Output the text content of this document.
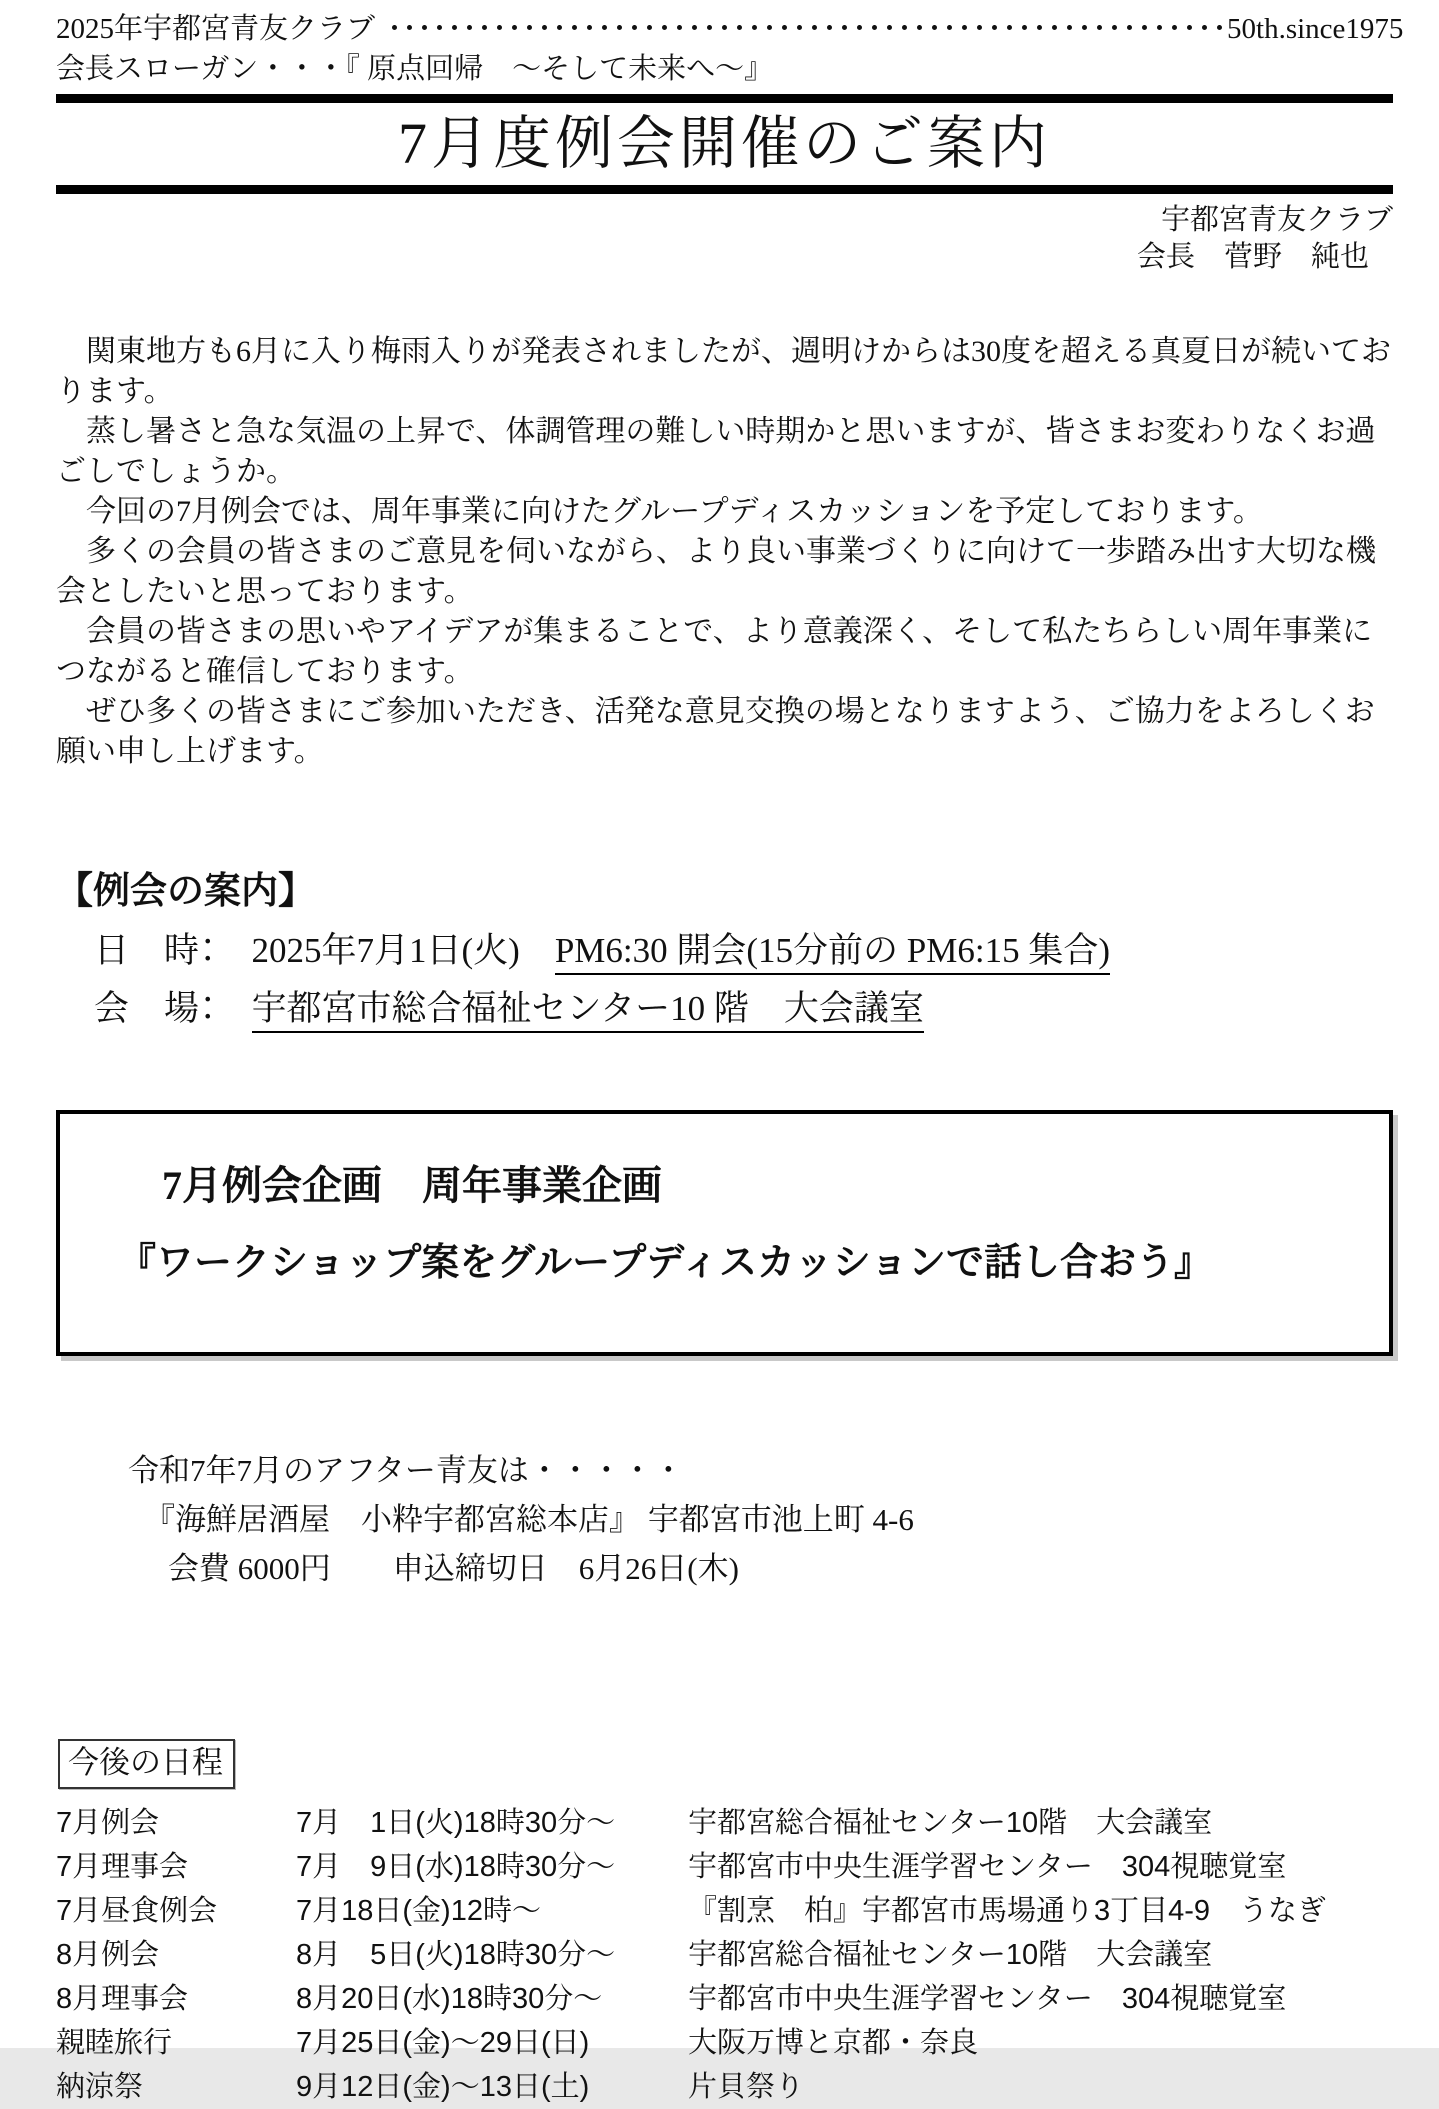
2025年宇都宮青友クラブ ・・・・・・・・・・・・・・・・・・・・・・・・・・・・・・・・・・・・・・・・・・・・・・・・・・・・・・・・ 50th.since1975
会長スローガン・・・『 原点回帰　～そして未来へ～』
7月度例会開催のご案内
宇都宮青友クラブ
会長　菅野　純也

関東地方も6月に入り梅雨入りが発表されましたが、週明けからは30度を超える真夏日が続いております。

蒸し暑さと急な気温の上昇で、体調管理の難しい時期かと思いますが、皆さまお変わりなくお過ごしでしょうか。

今回の7月例会では、周年事業に向けたグループディスカッションを予定しております。

多くの会員の皆さまのご意見を伺いながら、より良い事業づくりに向けて一歩踏み出す大切な機会としたいと思っております。

会員の皆さまの思いやアイデアが集まることで、より意義深く、そして私たちらしい周年事業につながると確信しております。

ぜひ多くの皆さまにご参加いただき、活発な意見交換の場となりますよう、ご協力をよろしくお願い申し上げます。

【例会の案内】
日　時：　2025年7月1日(火)　PM6:30 開会(15分前の PM6:15 集合)
会　場：　 宇都宮市総合福祉センター10 階　大会議室
7月例会企画　周年事業企画
『ワークショップ案をグループディスカッションで話し合おう』
令和7年7月のアフター青友は・・・・・
『海鮮居酒屋　小粋宇都宮総本店』 宇都宮市池上町 4-6
会費 6000円　　申込締切日　6月26日(木)
今後の日程
7月例会	7月　1日(火)18時30分～	宇都宮総合福祉センター10階　大会議室
7月理事会	7月　9日(水)18時30分～	宇都宮市中央生涯学習センター　304視聴覚室
7月昼食例会	7月18日(金)12時～	『割烹　柏』宇都宮市馬場通り3丁目4-9　うなぎ
8月例会	8月　5日(火)18時30分～	宇都宮総合福祉センター10階　大会議室
8月理事会	8月20日(水)18時30分～	宇都宮市中央生涯学習センター　304視聴覚室
親睦旅行	7月25日(金)～29日(日)	大阪万博と京都・奈良
納涼祭	9月12日(金)～13日(土)	片貝祭り
